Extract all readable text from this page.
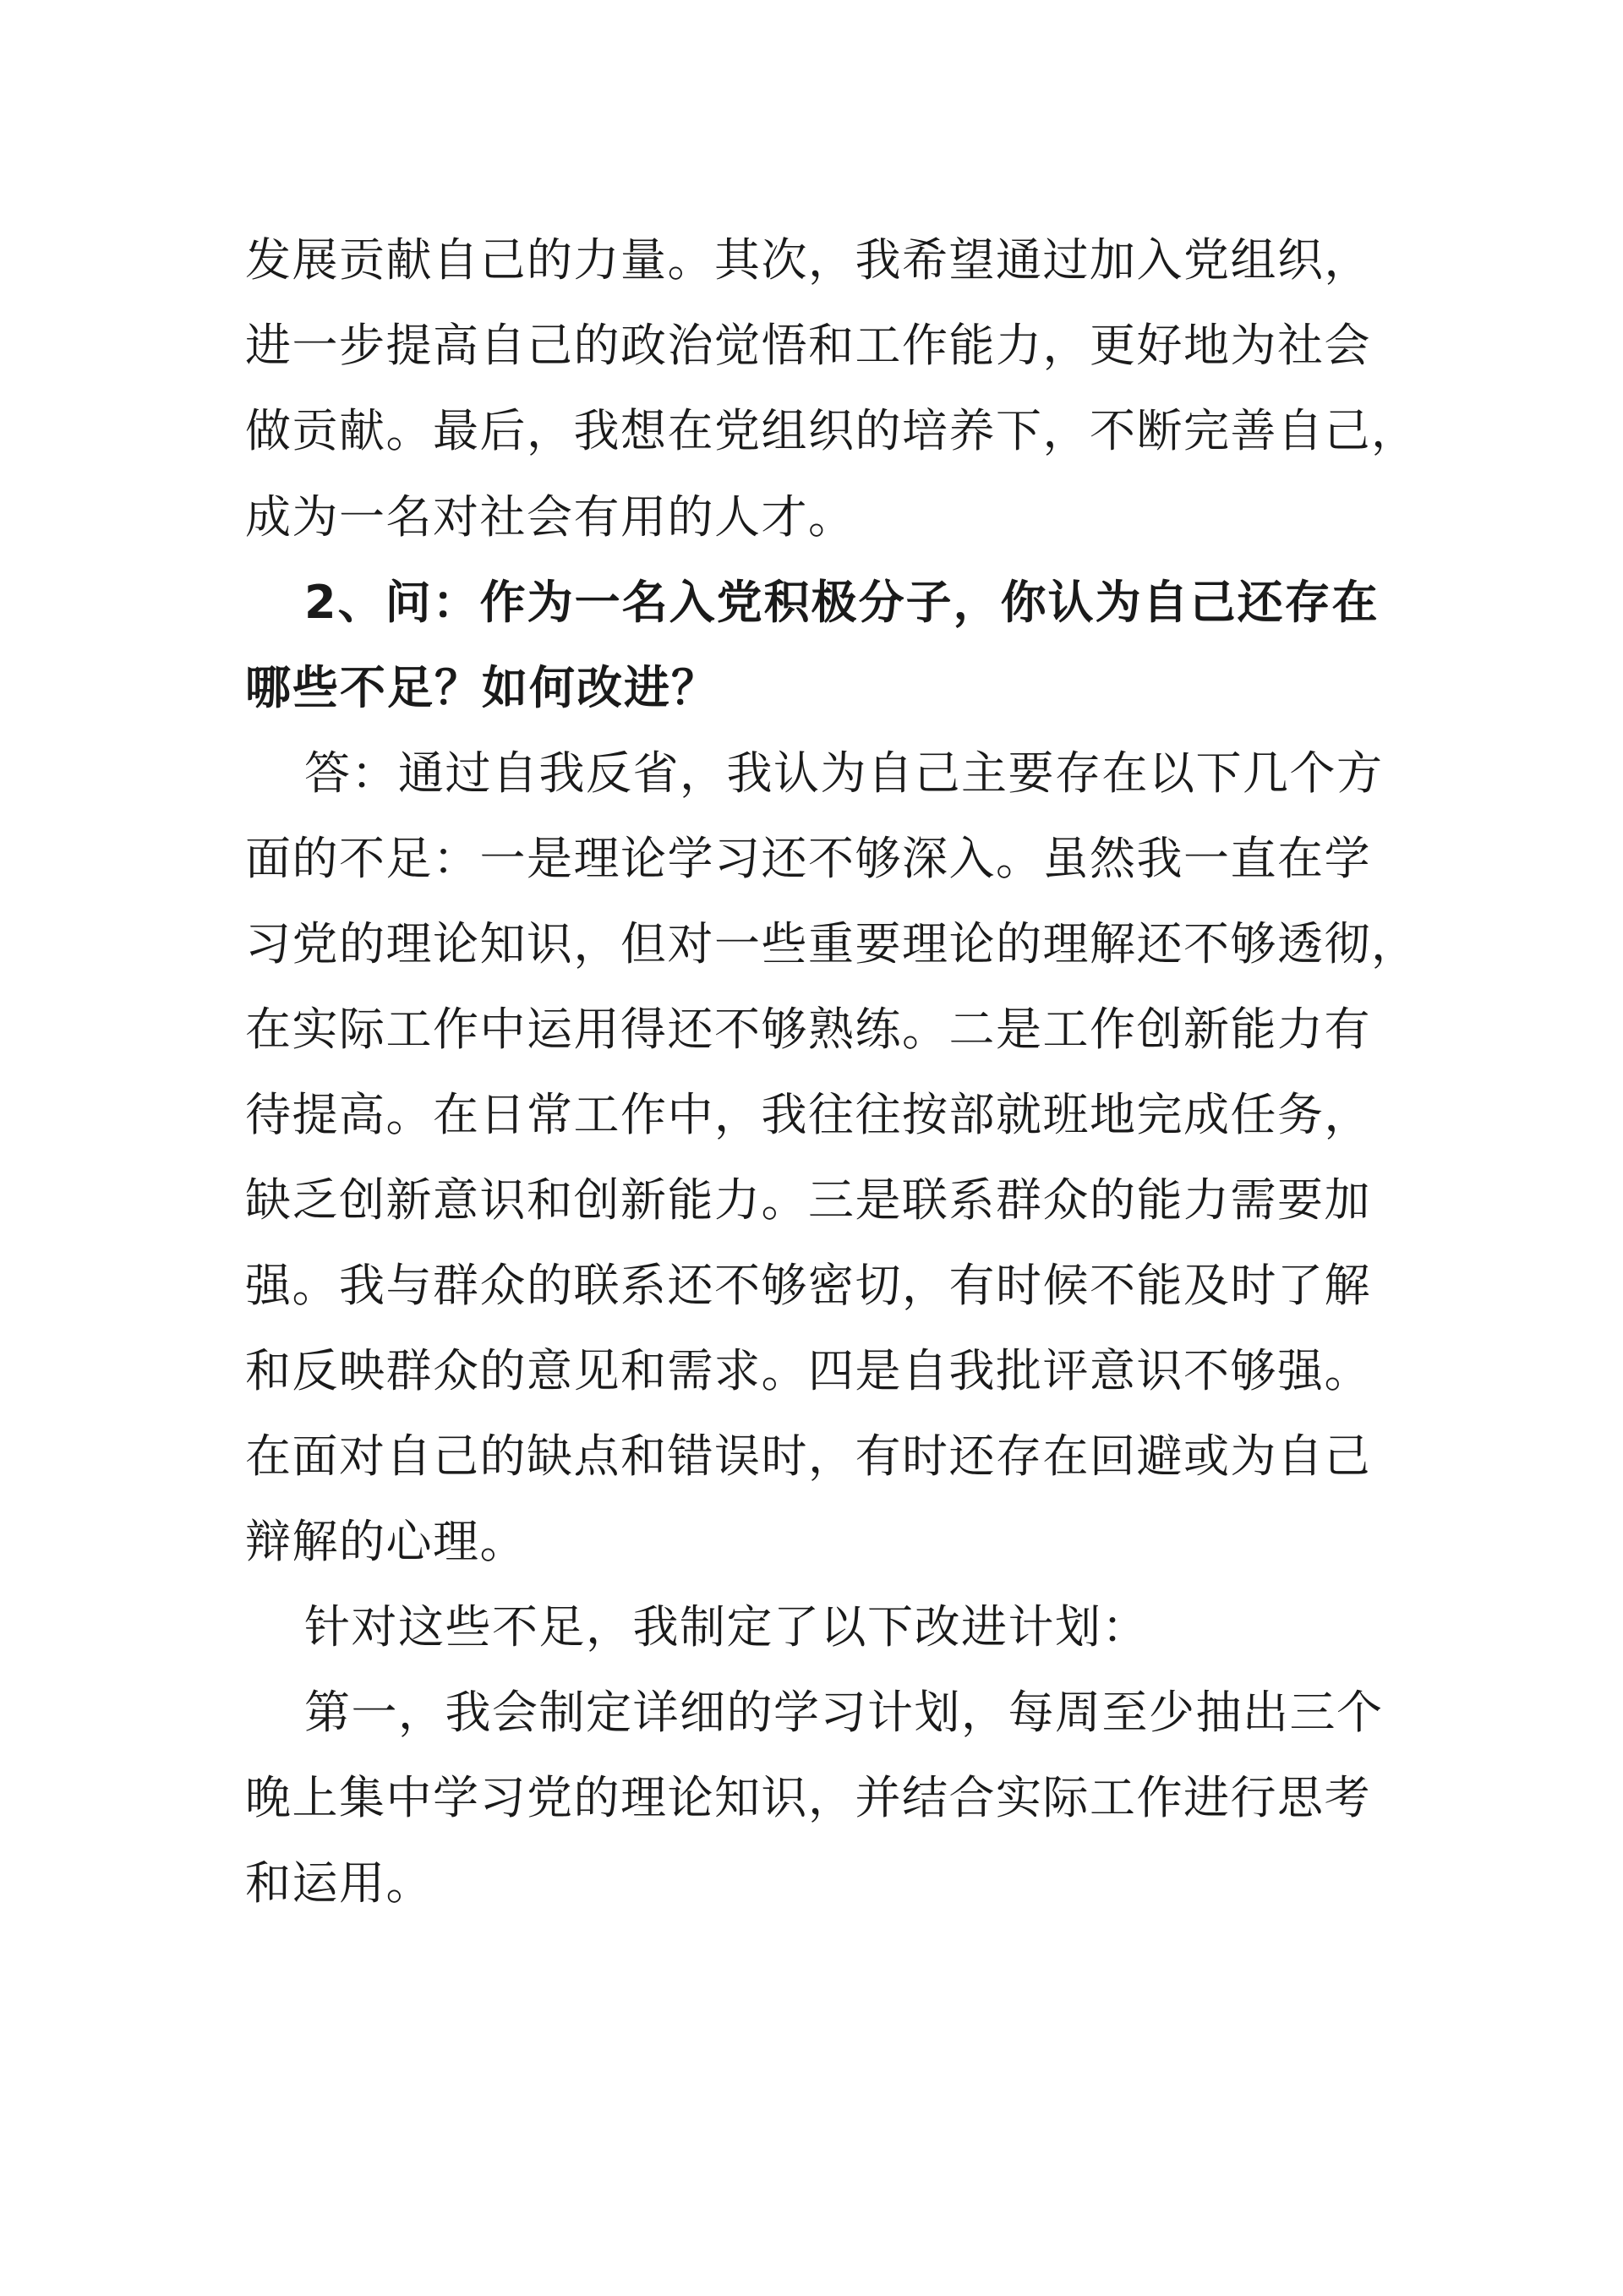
发展贡献自己的力量。其次，我希望通过加入党组织，
进一步提高自己的政治觉悟和工作能力，更好地为社会
做贡献。最后，我想在党组织的培养下，不断完善自己，
成为一名对社会有用的人才。
2、问：作为一名入党积极分子，你认为自己还存在
哪些不足？如何改进？
答：通过自我反省，我认为自己主要存在以下几个方
面的不足：一是理论学习还不够深入。虽然我一直在学
习党的理论知识，但对一些重要理论的理解还不够透彻，
在实际工作中运用得还不够熟练。二是工作创新能力有
待提高。在日常工作中，我往往按部就班地完成任务，
缺乏创新意识和创新能力。三是联系群众的能力需要加
强。我与群众的联系还不够密切，有时候不能及时了解
和反映群众的意见和需求。四是自我批评意识不够强。
在面对自己的缺点和错误时，有时还存在回避或为自己
辩解的心理。
针对这些不足，我制定了以下改进计划：
第一，我会制定详细的学习计划，每周至少抽出三个
晚上集中学习党的理论知识，并结合实际工作进行思考
和运用。
